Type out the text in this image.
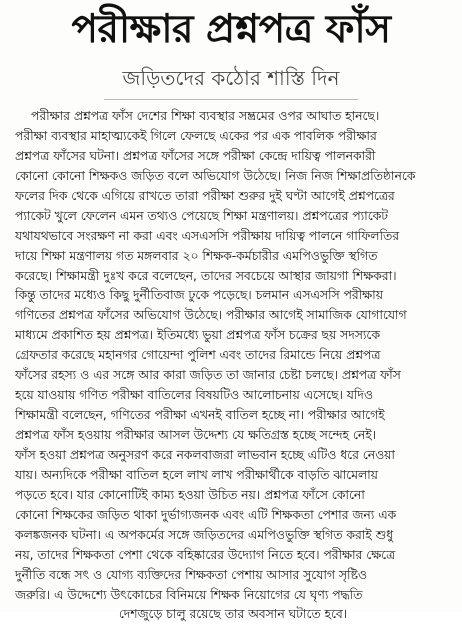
পরীক্ষার প্রশ্নপত্র ফাঁস
জড়িতদের কঠোর শাস্তি দিন
পরীক্ষার প্রশ্নপত্র ফাঁস দেশের শিক্ষা ব্যবস্থার সম্ভ্রমের ওপর আঘাত হানছে।
পরীক্ষা ব্যবস্থার মাহাত্ম্যকেই গিলে ফেলছে একের পর এক পাবলিক পরীক্ষার
প্রশ্নপত্র ফাঁসের ঘটনা। প্রশ্নপত্র ফাঁসের সঙ্গে পরীক্ষা কেন্দ্রে দায়িত্ব পালনকারী
কোনো কোনো শিক্ষকও জড়িত বলে অভিযোগ উঠেছে। নিজ নিজ শিক্ষাপ্রতিষ্ঠানকে
ফলের দিক থেকে এগিয়ে রাখতে তারা পরীক্ষা শুরুর দুই ঘণ্টা আগেই প্রশ্নপত্রের
প্যাকেট খুলে ফেলেন এমন তথ্যও পেয়েছে শিক্ষা মন্ত্রণালয়। প্রশ্নপত্রের প্যাকেট
যথাযথভাবে সংরক্ষণ না করা এবং এসএসসি পরীক্ষায় দায়িত্ব পালনে গাফিলতির
দায়ে শিক্ষা মন্ত্রণালয় গত মঙ্গলবার ২০ শিক্ষক-কর্মচারীর এমপিওভুক্তি স্থগিত
করেছে। শিক্ষামন্ত্রী দুঃখ করে বলেছেন, তাদের সবচেয়ে আস্থার জায়গা শিক্ষকরা।
কিন্তু তাদের মধ্যেও কিছু দুর্নীতিবাজ ঢুকে পড়েছে। চলমান এসএসসি পরীক্ষায়
গণিতের প্রশ্নপত্র ফাঁসের অভিযোগ উঠেছে। পরীক্ষার আগেই সামাজিক যোগাযোগ
মাধ্যমে প্রকাশিত হয় প্রশ্নপত্র। ইতিমধ্যে ভুয়া প্রশ্নপত্র ফাঁস চক্রের ছয় সদস্যকে
গ্রেফতার করেছে মহানগর গোয়েন্দা পুলিশ এবং তাদের রিমান্ডে নিয়ে প্রশ্নপত্র
ফাঁসের রহস্য ও এর সঙ্গে আর কারা জড়িত তা জানার চেষ্টা চলছে। প্রশ্নপত্র ফাঁস
হয়ে যাওয়ায় গণিত পরীক্ষা বাতিলের বিষয়টিও আলোচনায় এসেছে। যদিও
শিক্ষামন্ত্রী বলেছেন, গণিতের পরীক্ষা এখনই বাতিল হচ্ছে না। পরীক্ষার আগেই
প্রশ্নপত্র ফাঁস হওয়ায় পরীক্ষার আসল উদ্দেশ্য যে ক্ষতিগ্রস্ত হচ্ছে সন্দেহ নেই।
ফাঁস হওয়া প্রশ্নপত্র অনুসরণ করে নকলবাজরা লাভবান হচ্ছে এটিও ধরে নেওয়া
যায়। অন্যদিকে পরীক্ষা বাতিল হলে লাখ লাখ পরীক্ষার্থীকে বাড়তি ঝামেলায়
পড়তে হবে। যার কোনোটিই কাম্য হওয়া উচিত নয়। প্রশ্নপত্র ফাঁসে কোনো
কোনো শিক্ষকের জড়িত থাকা দুর্ভাগ্যজনক এবং এটি শিক্ষকতা পেশার জন্য এক
কলঙ্কজনক ঘটনা। এ অপকর্মের সঙ্গে জড়িতদের এমপিওভুক্তি স্থগিত করাই শুধু
নয়, তাদের শিক্ষকতা পেশা থেকে বহিষ্কারের উদ্যোগ নিতে হবে। পরীক্ষার ক্ষেত্রে
দুর্নীতি বন্ধে সৎ ও যোগ্য ব্যক্তিদের শিক্ষকতা পেশায় আসার সুযোগ সৃষ্টিও
জরুরি। এ উদ্দেশ্যে উৎকোচের বিনিময়ে শিক্ষক নিয়োগের যে ঘৃণ্য পদ্ধতি
দেশজুড়ে চালু রয়েছে তার অবসান ঘটাতে হবে।
